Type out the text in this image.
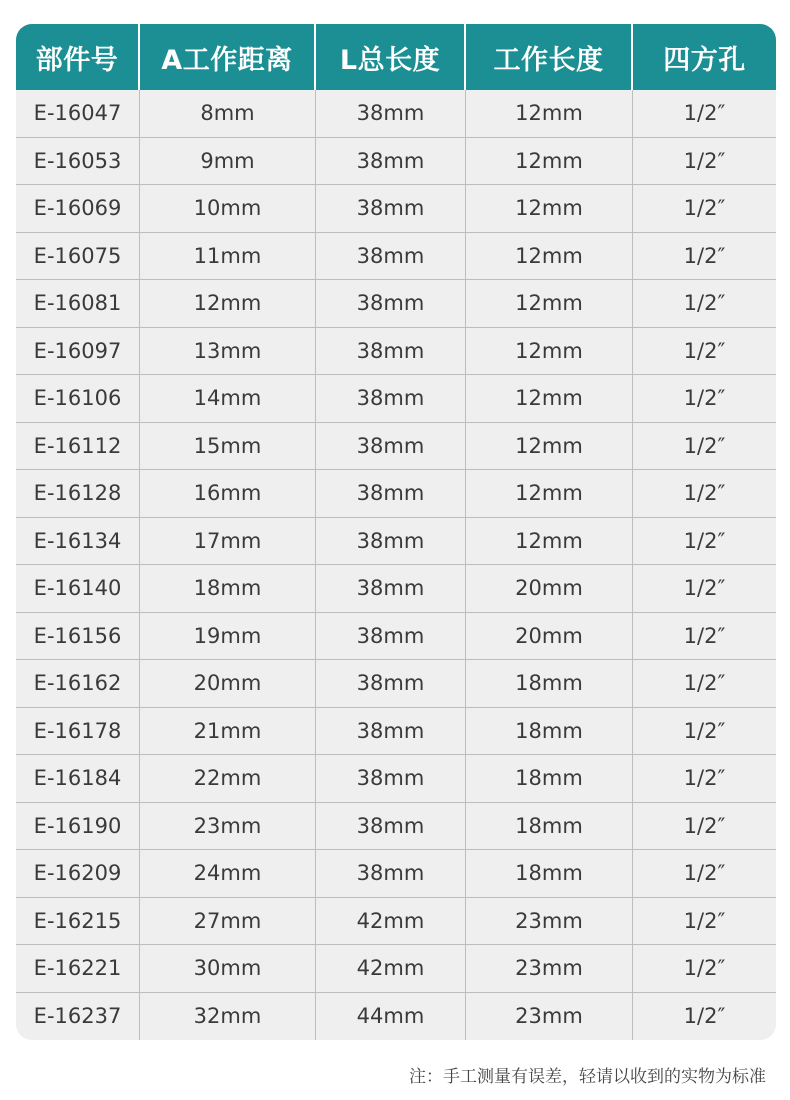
部件号	A工作距离	L总长度	工作长度	四方孔
E-16047	8mm	38mm	12mm	1/2″
E-16053	9mm	38mm	12mm	1/2″
E-16069	10mm	38mm	12mm	1/2″
E-16075	11mm	38mm	12mm	1/2″
E-16081	12mm	38mm	12mm	1/2″
E-16097	13mm	38mm	12mm	1/2″
E-16106	14mm	38mm	12mm	1/2″
E-16112	15mm	38mm	12mm	1/2″
E-16128	16mm	38mm	12mm	1/2″
E-16134	17mm	38mm	12mm	1/2″
E-16140	18mm	38mm	20mm	1/2″
E-16156	19mm	38mm	20mm	1/2″
E-16162	20mm	38mm	18mm	1/2″
E-16178	21mm	38mm	18mm	1/2″
E-16184	22mm	38mm	18mm	1/2″
E-16190	23mm	38mm	18mm	1/2″
E-16209	24mm	38mm	18mm	1/2″
E-16215	27mm	42mm	23mm	1/2″
E-16221	30mm	42mm	23mm	1/2″
E-16237	32mm	44mm	23mm	1/2″
注：手工测量有误差，轻请以收到的实物为标准
